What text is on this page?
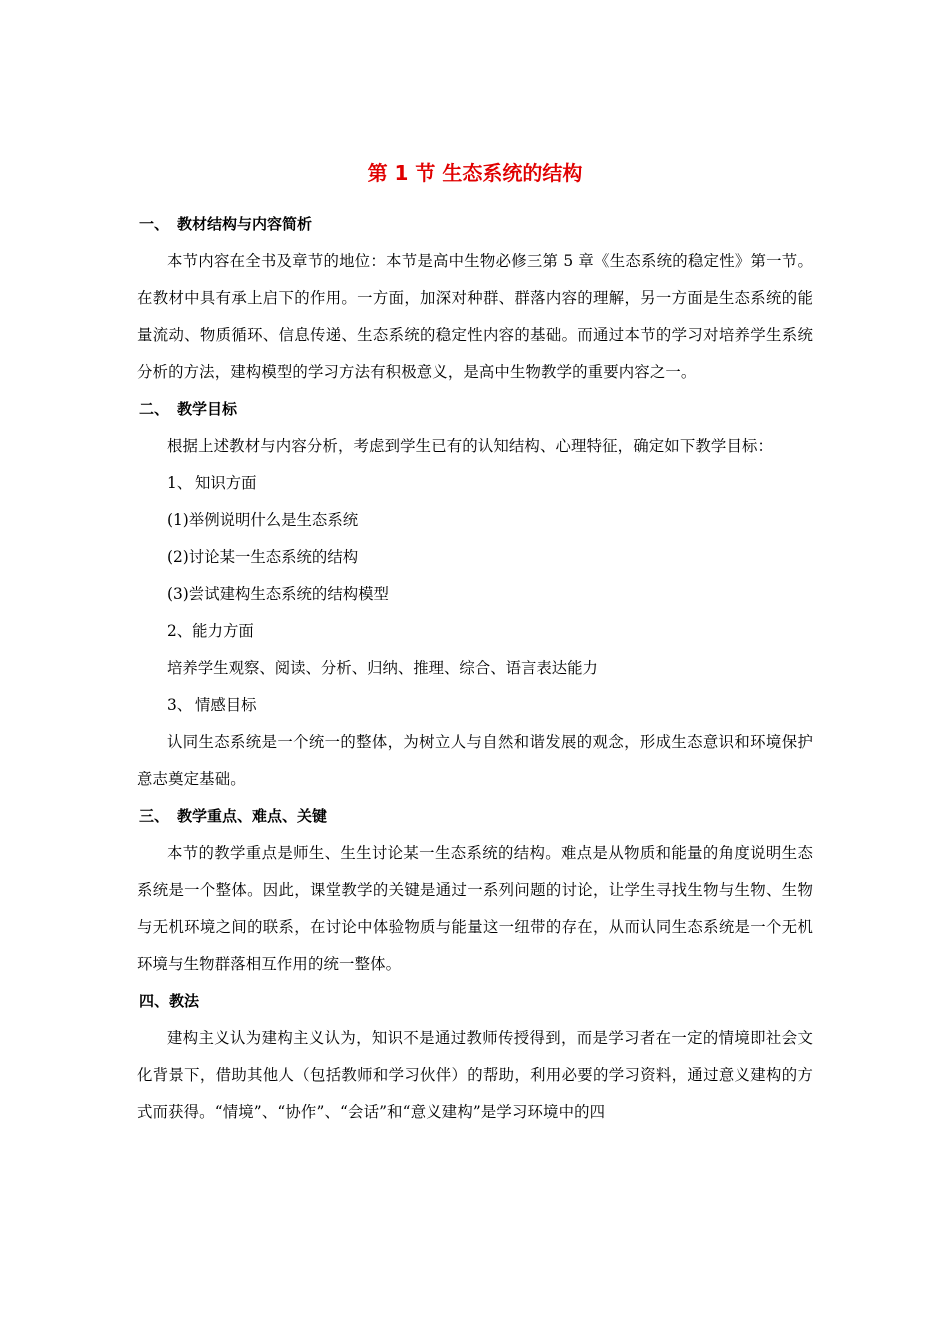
第 1 节 生态系统的结构
一、 教材结构与内容简析
本节内容在全书及章节的地位：本节是高中生物必修三第 5 章《生态系统的稳定性》第一节。在教材中具有承上启下的作用。一方面，加深对种群、群落内容的理解，另一方面是生态系统的能量流动、物质循环、信息传递、生态系统的稳定性内容的基础。而通过本节的学习对培养学生系统分析的方法，建构模型的学习方法有积极意义，是高中生物教学的重要内容之一。
二、 教学目标
根据上述教材与内容分析，考虑到学生已有的认知结构、心理特征，确定如下教学目标：
1、 知识方面
(1)举例说明什么是生态系统
(2)讨论某一生态系统的结构
(3)尝试建构生态系统的结构模型
2、能力方面
培养学生观察、阅读、分析、归纳、推理、综合、语言表达能力
3、 情感目标
认同生态系统是一个统一的整体，为树立人与自然和谐发展的观念，形成生态意识和环境保护意志奠定基础。
三、 教学重点、难点、关键
本节的教学重点是师生、生生讨论某一生态系统的结构。难点是从物质和能量的角度说明生态系统是一个整体。因此，课堂教学的关键是通过一系列问题的讨论，让学生寻找生物与生物、生物与无机环境之间的联系，在讨论中体验物质与能量这一纽带的存在，从而认同生态系统是一个无机环境与生物群落相互作用的统一整体。
四、教法
建构主义认为建构主义认为，知识不是通过教师传授得到，而是学习者在一定的情境即社会文化背景下，借助其他人（包括教师和学习伙伴）的帮助，利用必要的学习资料，通过意义建构的方式而获得。“情境”、“协作”、“会话”和“意义建构”是学习环境中的四
